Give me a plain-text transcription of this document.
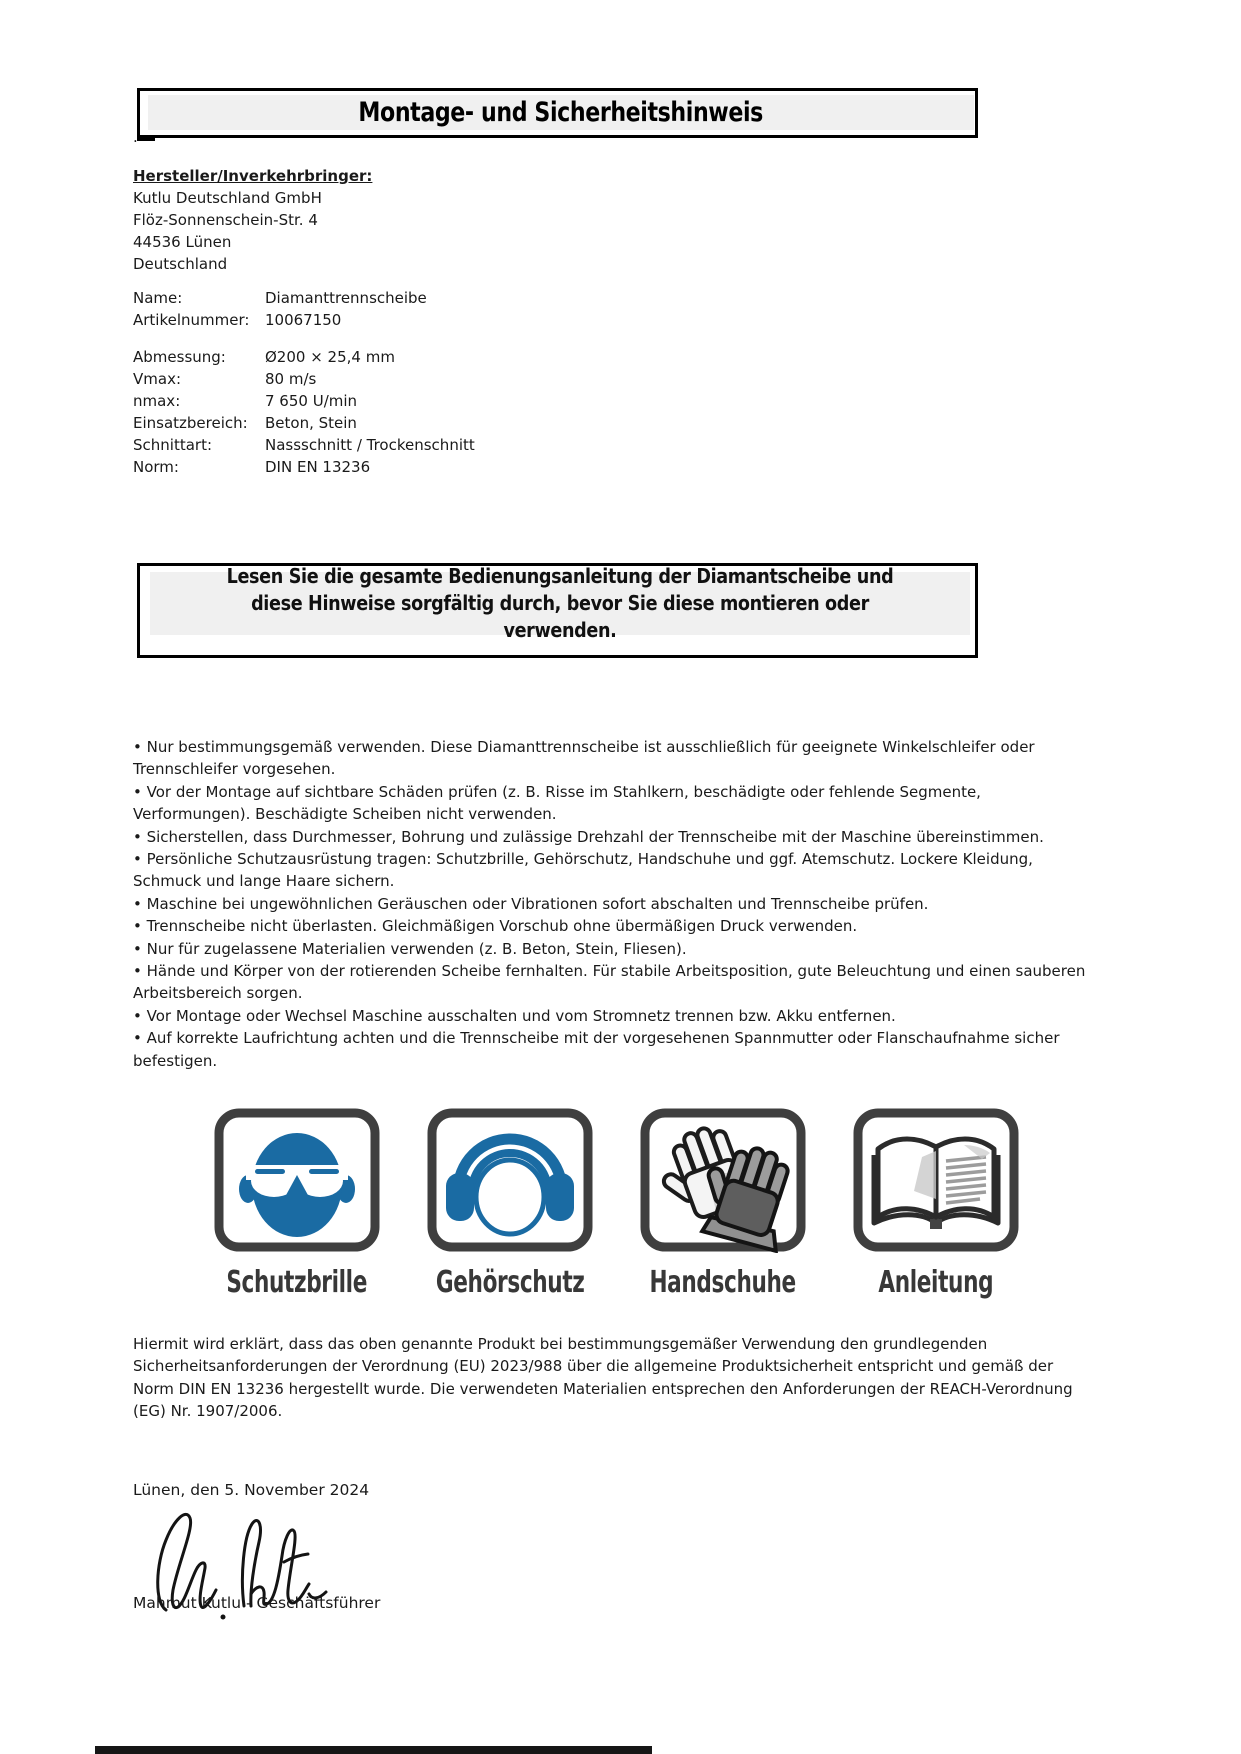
Montage- und Sicherheitshinweis
.
Hersteller/Inverkehrbringer:
Kutlu Deutschland GmbH
Flöz-Sonnenschein-Str. 4
44536 Lünen
Deutschland
Name:	Diamanttrennscheibe
Artikelnummer:	10067150
Abmessung:	Ø200 × 25,4 mm
Vmax:	80 m/s
nmax:	7 650 U/min
Einsatzbereich:	Beton, Stein
Schnittart:	Nassschnitt / Trockenschnitt
Norm:	DIN EN 13236
Lesen Sie die gesamte Bedienungsanleitung der Diamantscheibe und diese Hinweise sorgfältig durch, bevor Sie diese montieren oder verwenden.

• Nur bestimmungsgemäß verwenden. Diese Diamanttrennscheibe ist ausschließlich für geeignete Winkelschleifer oder Trennschleifer vorgesehen.

• Vor der Montage auf sichtbare Schäden prüfen (z. B. Risse im Stahlkern, beschädigte oder fehlende Segmente, Verformungen). Beschädigte Scheiben nicht verwenden.

• Sicherstellen, dass Durchmesser, Bohrung und zulässige Drehzahl der Trennscheibe mit der Maschine übereinstimmen.

• Persönliche Schutzausrüstung tragen: Schutzbrille, Gehörschutz, Handschuhe und ggf. Atemschutz. Lockere Kleidung, Schmuck und lange Haare sichern.

• Maschine bei ungewöhnlichen Geräuschen oder Vibrationen sofort abschalten und Trennscheibe prüfen.

• Trennscheibe nicht überlasten. Gleichmäßigen Vorschub ohne übermäßigen Druck verwenden.

• Nur für zugelassene Materialien verwenden (z. B. Beton, Stein, Fliesen).

• Hände und Körper von der rotierenden Scheibe fernhalten. Für stabile Arbeitsposition, gute Beleuchtung und einen sauberen Arbeitsbereich sorgen.

• Vor Montage oder Wechsel Maschine ausschalten und vom Stromnetz trennen bzw. Akku entfernen.

• Auf korrekte Laufrichtung achten und die Trennscheibe mit der vorgesehenen Spannmutter oder Flanschaufnahme sicher befestigen.

Schutzbrille Gehörschutz Handschuhe	Anleitung
Hiermit wird erklärt, dass das oben genannte Produkt bei bestimmungsgemäßer Verwendung den grundlegenden Sicherheitsanforderungen der Verordnung (EU) 2023/988 über die allgemeine Produktsicherheit entspricht und gemäß der Norm DIN EN 13236 hergestellt wurde. Die verwendeten Materialien entsprechen den Anforderungen der REACH-Verordnung (EG) Nr. 1907/2006.
Lünen, den 5. November 2024
Mahmut Kutlu - Geschäftsführer
